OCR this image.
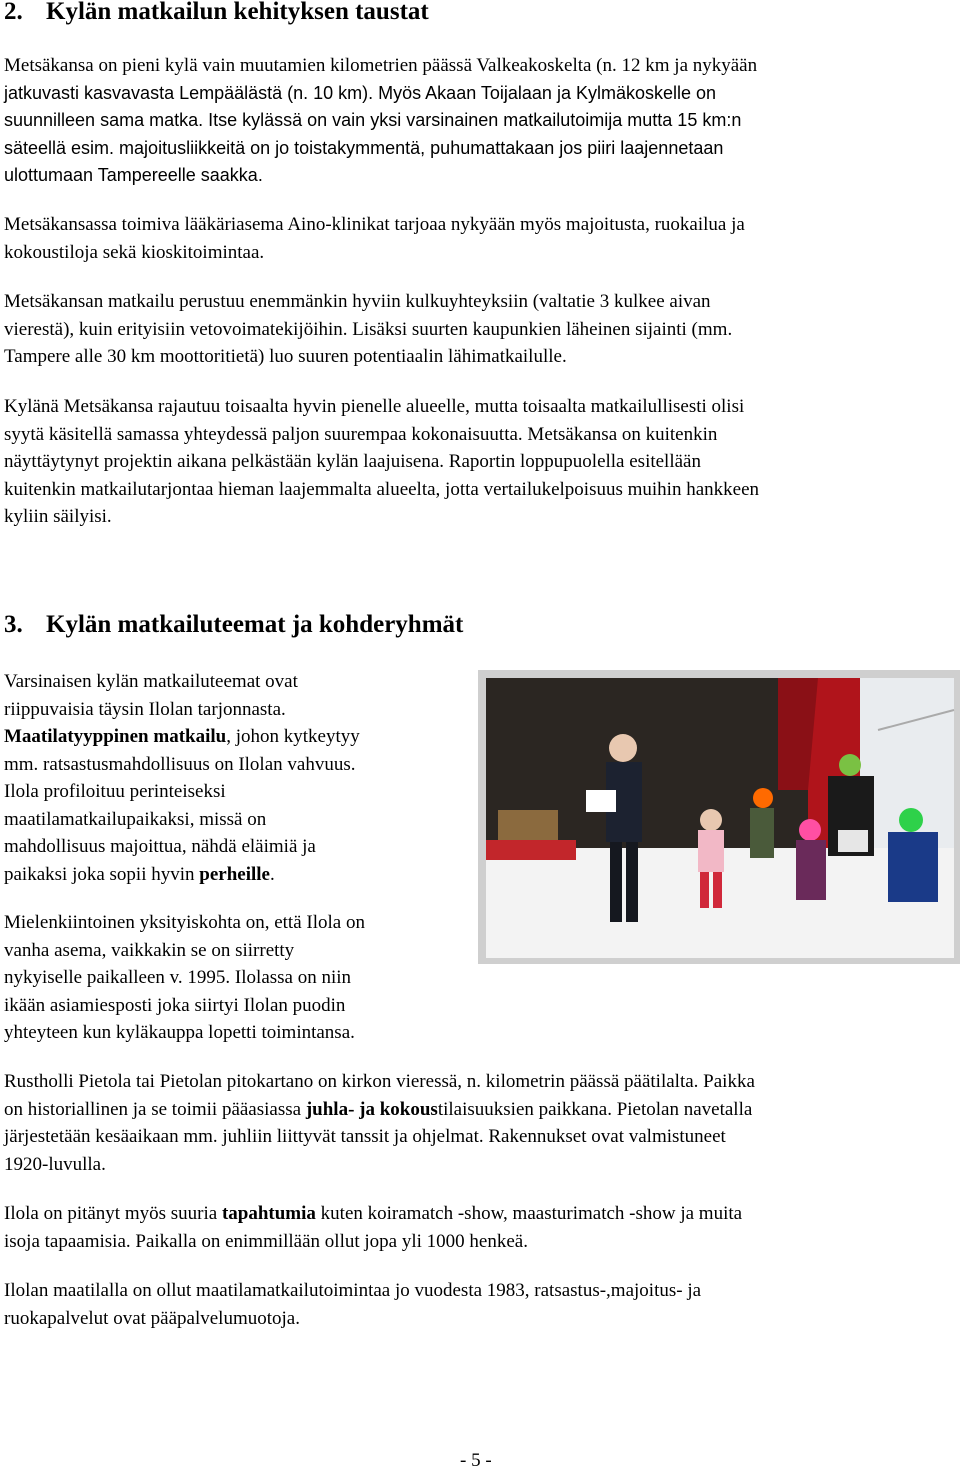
2. Kylän matkailun kehityksen taustat

Metsäkansa on pieni kylä vain muutamien kilometrien päässä Valkeakoskelta (n. 12 km ja nykyään
jatkuvasti kasvavasta Lempäälästä (n. 10 km). Myös Akaan Toijalaan ja Kylmäkoskelle on
suunnilleen sama matka. Itse kylässä on vain yksi varsinainen matkailutoimija mutta 15 km:n
säteellä esim. majoitusliikkeitä on jo toistakymmentä, puhumattakaan jos piiri laajennetaan
ulottumaan Tampereelle saakka.

Metsäkansassa toimiva lääkäriasema Aino-klinikat tarjoaa nykyään myös majoitusta, ruokailua ja
kokoustiloja sekä kioskitoimintaa.

Metsäkansan matkailu perustuu enemmänkin hyviin kulkuyhteyksiin (valtatie 3 kulkee aivan
vierestä), kuin erityisiin vetovoimatekijöihin. Lisäksi suurten kaupunkien läheinen sijainti (mm.
Tampere alle 30 km moottoritietä) luo suuren potentiaalin lähimatkailulle.

Kylänä Metsäkansa rajautuu toisaalta hyvin pienelle alueelle, mutta toisaalta matkailullisesti olisi
syytä käsitellä samassa yhteydessä paljon suurempaa kokonaisuutta. Metsäkansa on kuitenkin
näyttäytynyt projektin aikana pelkästään kylän laajuisena. Raportin loppupuolella esitellään
kuitenkin matkailutarjontaa hieman laajemmalta alueelta, jotta vertailukelpoisuus muihin hankkeen
kyliin säilyisi.

3. Kylän matkailuteemat ja kohderyhmät

Varsinaisen kylän matkailuteemat ovat
riippuvaisia täysin Ilolan tarjonnasta.
Maatilatyyppinen matkailu, johon kytkeytyy
mm. ratsastusmahdollisuus on Ilolan vahvuus.
Ilola profiloituu perinteiseksi
maatilamatkailupaikaksi, missä on
mahdollisuus majoittua, nähdä eläimiä ja
paikaksi joka sopii hyvin perheille.

Mielenkiintoinen yksityiskohta on, että Ilola on
vanha asema, vaikkakin se on siirretty
nykyiselle paikalleen v. 1995. Ilolassa on niin
ikään asiamiesposti joka siirtyi Ilolan puodin
yhteyteen kun kyläkauppa lopetti toimintansa.

Rustholli Pietola tai Pietolan pitokartano on kirkon vieressä, n. kilometrin päässä päätilalta. Paikka
on historiallinen ja se toimii pääasiassa juhla- ja kokoustilaisuuksien paikkana. Pietolan navetalla
järjestetään kesäaikaan mm. juhliin liittyvät tanssit ja ohjelmat. Rakennukset ovat valmistuneet
1920-luvulla.

Ilola on pitänyt myös suuria tapahtumia kuten koiramatch -show, maasturimatch -show ja muita
isoja tapaamisia. Paikalla on enimmillään ollut jopa yli 1000 henkeä.

Ilolan maatilalla on ollut maatilamatkailutoimintaa jo vuodesta 1983, ratsastus-,majoitus- ja
ruokapalvelut ovat pääpalvelumuotoja.

- 5 -
